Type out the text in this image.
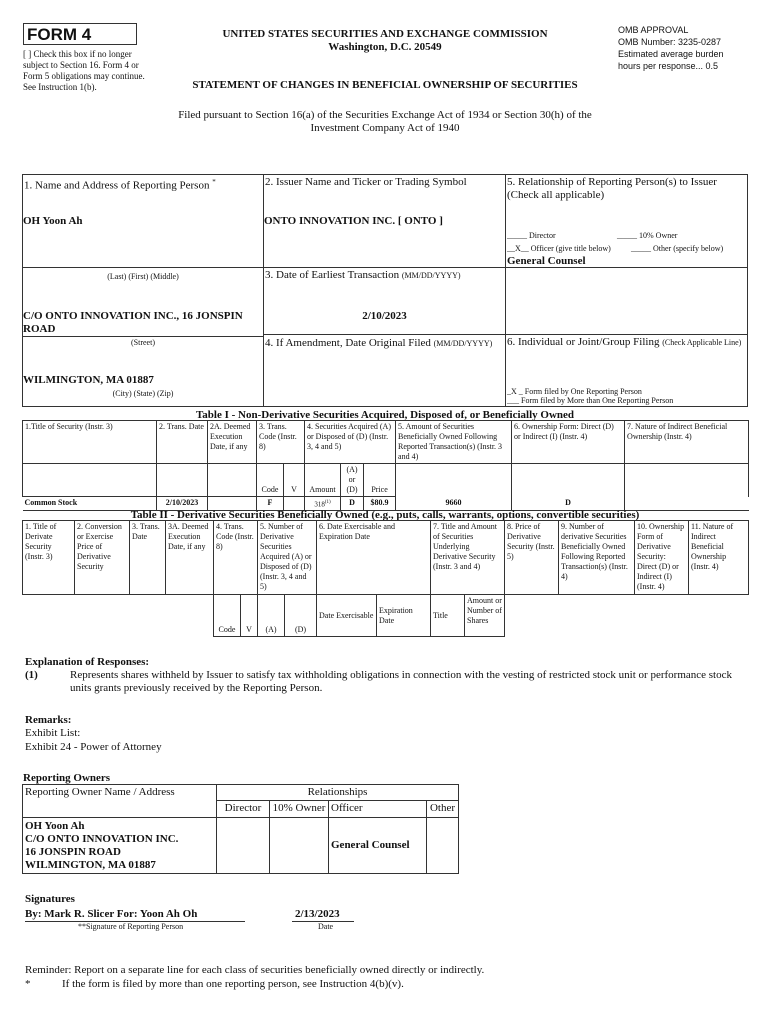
FORM 4
[ ] Check this box if no longer subject to Section 16. Form 4 or Form 5 obligations may continue. See Instruction 1(b).
UNITED STATES SECURITIES AND EXCHANGE COMMISSION
Washington, D.C. 20549
STATEMENT OF CHANGES IN BENEFICIAL OWNERSHIP OF SECURITIES
OMB APPROVAL
OMB Number: 3235-0287
Estimated average burden
hours per response... 0.5
Filed pursuant to Section 16(a) of the Securities Exchange Act of 1934 or Section 30(h) of the
Investment Company Act of 1940
1. Name and Address of Reporting Person *
OH Yoon Ah
(Last) (First) (Middle)
C/O ONTO INNOVATION INC., 16 JONSPIN ROAD
(Street)
WILMINGTON, MA 01887
(City) (State) (Zip)
2. Issuer Name and Ticker or Trading Symbol
ONTO INNOVATION INC. [ ONTO ]
3. Date of Earliest Transaction (MM/DD/YYYY)
2/10/2023
4. If Amendment, Date Original Filed (MM/DD/YYYY)
5. Relationship of Reporting Person(s) to Issuer
(Check all applicable)
_____ Director	_____ 10% Owner
__X__ Officer (give title below)	_____ Other (specify below)
General Counsel
6. Individual or Joint/Group Filing (Check Applicable Line)
_X _ Form filed by One Reporting Person
___ Form filed by More than One Reporting Person
Table I - Non-Derivative Securities Acquired, Disposed of, or Beneficially Owned
1.Title of Security (Instr. 3)	2. Trans. Date	2A. Deemed Execution Date, if any	3. Trans. Code (Instr. 8)		4. Securities Acquired (A) or Disposed of (D) (Instr. 3, 4 and 5)			5. Amount of Securities Beneficially Owned Following Reported Transaction(s) (Instr. 3 and 4)	6. Ownership Form: Direct (D) or Indirect (I) (Instr. 4)	7. Nature of Indirect Beneficial Ownership (Instr. 4)
			Code	V	Amount	(A) or (D)	Price			
Common Stock	2/10/2023		F		318$^{(1)}$	D	$80.9	9660	D	
Table II - Derivative Securities Beneficially Owned (e.g., puts, calls, warrants, options, convertible securities)
1. Title of Derivate Security (Instr. 3)	2. Conversion or Exercise Price of Derivative Security	3. Trans. Date	3A. Deemed Execution Date, if any	4. Trans. Code (Instr. 8)		5. Number of Derivative Securities Acquired (A) or Disposed of (D) (Instr. 3, 4 and 5)		6. Date Exercisable and Expiration Date		7. Title and Amount of Securities Underlying Derivative Security (Instr. 3 and 4)		8. Price of Derivative Security (Instr. 5)	9. Number of derivative Securities Beneficially Owned Following Reported Transaction(s) (Instr. 4)	10. Ownership Form of Derivative Security: Direct (D) or Indirect (I) (Instr. 4)	11. Nature of Indirect Beneficial Ownership (Instr. 4)
				Code	V	(A)	(D)	Date Exercisable	Expiration Date	Title	Amount or Number of Shares				
Explanation of Responses:
(1)	Represents shares withheld by Issuer to satisfy tax withholding obligations in connection with the vesting of restricted stock unit or performance stock units grants previously received by the Reporting Person.
Remarks:
Exhibit List:
Exhibit 24 - Power of Attorney
Reporting Owners
Reporting Owner Name / Address	Relationships			
	Director	10% Owner	Officer	Other

OH Yoon Ah
C/O ONTO INNOVATION INC.
16 JONSPIN ROAD
WILMINGTON, MA 01887			General Counsel	
Signatures
By: Mark R. Slicer For: Yoon Ah Oh	2/13/2023
**Signature of Reporting Person	Date
Reminder: Report on a separate line for each class of securities beneficially owned directly or indirectly.
*	If the form is filed by more than one reporting person, see Instruction 4(b)(v).
